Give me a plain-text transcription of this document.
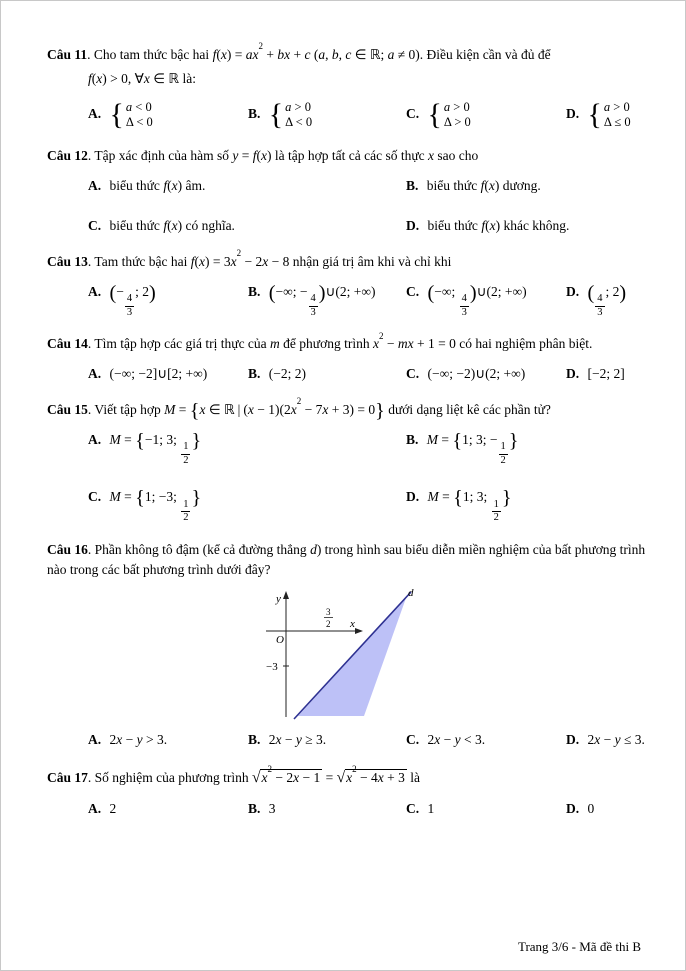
Câu 11. Cho tam thức bậc hai $f(x) = ax^2$ + bx + c (a, b, c ∈ ℝ; a ≠ 0). Điều kiện cần và đủ để
f(x) > 0, ∀x ∈ ℝ là:
A. { a < 0
Δ < 0
B. { a > 0
Δ < 0
C. { a > 0
Δ > 0
D. { a > 0
Δ ≤ 0
Câu 12. Tập xác định của hàm số y = f(x) là tập hợp tất cả các số thực x sao cho
A. biểu thức f(x) âm.	B. biểu thức f(x) dương.
C. biểu thức f(x) có nghĩa.	D. biểu thức f(x) khác không.
Câu 13. Tam thức bậc hai $f(x) = 3x^2 - 2x - 8$ nhận giá trị âm khi và chỉ khi
A. (−
$\frac{4}{3}$
; 2)	B. (−∞; −
$\frac{4}{3}$
)∪(2; +∞)	C. (−∞;
$\frac{4}{3}$
)∪(2; +∞)	D. (
$\frac{4}{3}$
; 2)
Câu 14. Tìm tập hợp các giá trị thực của m để phương trình $x^2$ − mx + 1 = 0 có hai nghiệm phân biệt.
A. (−∞; −2]∪[2; +∞)	B. (−2; 2)	C. (−∞; −2)∪(2; +∞)	D. [−2; 2]
Câu 15. Viết tập hợp M = {x ∈ ℝ | $(x - 1)(2x^2 - 7x + 3) = 0$} dưới dạng liệt kê các phần tử?
A. M = {−1; 3;
$\frac{1}{2}$
}	B. M = {1; 3; −
$\frac{1}{2}$
}
C. M = {1; −3;
$\frac{1}{2}$
}	D. M = {1; 3;
$\frac{1}{2}$
}
Câu 16. Phần không tô đậm (kể cả đường thẳng d) trong hình sau biểu diễn miền nghiệm của bất phương trình nào trong các bất phương trình dưới đây?
y
x
O
d
−3
3
2
A. 2x − y > 3.	B. 2x − y ≥ 3.	C. 2x − y < 3.	D. 2x − y ≤ 3.
Câu 17. Số nghiệm của phương trình $√x^2 - 2x - 1 = √x^2 - 4x + 3$ là
A. 2	B. 3	C. 1	D. 0
Trang 3/6 - Mã đề thi B
